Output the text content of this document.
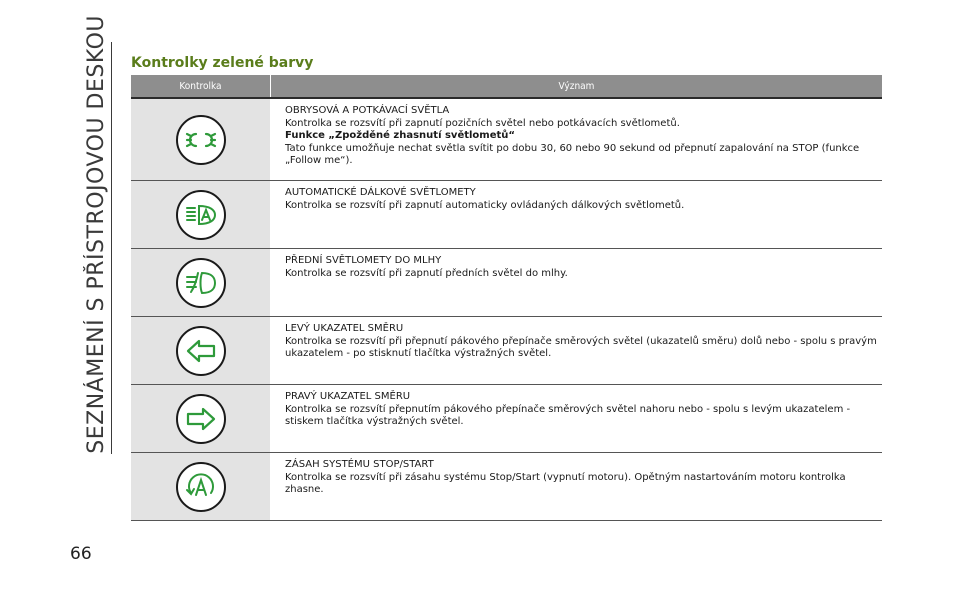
SEZNÁMENÍ S PŘÍSTROJOVOU DESKOU
66
Kontrolky zelené barvy
Kontrolka	Význam

OBRYSOVÁ A POTKÁVACÍ SVĚTLA

Kontrolka se rozsvítí při zapnutí pozičních světel nebo potkávacích světlometů.

Funkce „Zpožděné zhasnutí světlometů“

Tato funkce umožňuje nechat světla svítit po dobu 30, 60 nebo 90 sekund od přepnutí zapalování na STOP (funkce „Follow me“).

AUTOMATICKÉ DÁLKOVÉ SVĚTLOMETY

Kontrolka se rozsvítí při zapnutí automaticky ovládaných dálkových světlometů.

PŘEDNÍ SVĚTLOMETY DO MLHY

Kontrolka se rozsvítí při zapnutí předních světel do mlhy.

LEVÝ UKAZATEL SMĚRU

Kontrolka se rozsvítí při přepnutí pákového přepínače směrových světel (ukazatelů směru) dolů nebo - spolu s pravým ukazatelem - po stisknutí tlačítka výstražných světel.

PRAVÝ UKAZATEL SMĚRU

Kontrolka se rozsvítí přepnutím pákového přepínače směrových světel nahoru nebo - spolu s levým ukazatelem - stiskem tlačítka výstražných světel.

ZÁSAH SYSTÉMU STOP/START

Kontrolka se rozsvítí při zásahu systému Stop/Start (vypnutí motoru). Opětným nastartováním motoru kontrolka zhasne.
